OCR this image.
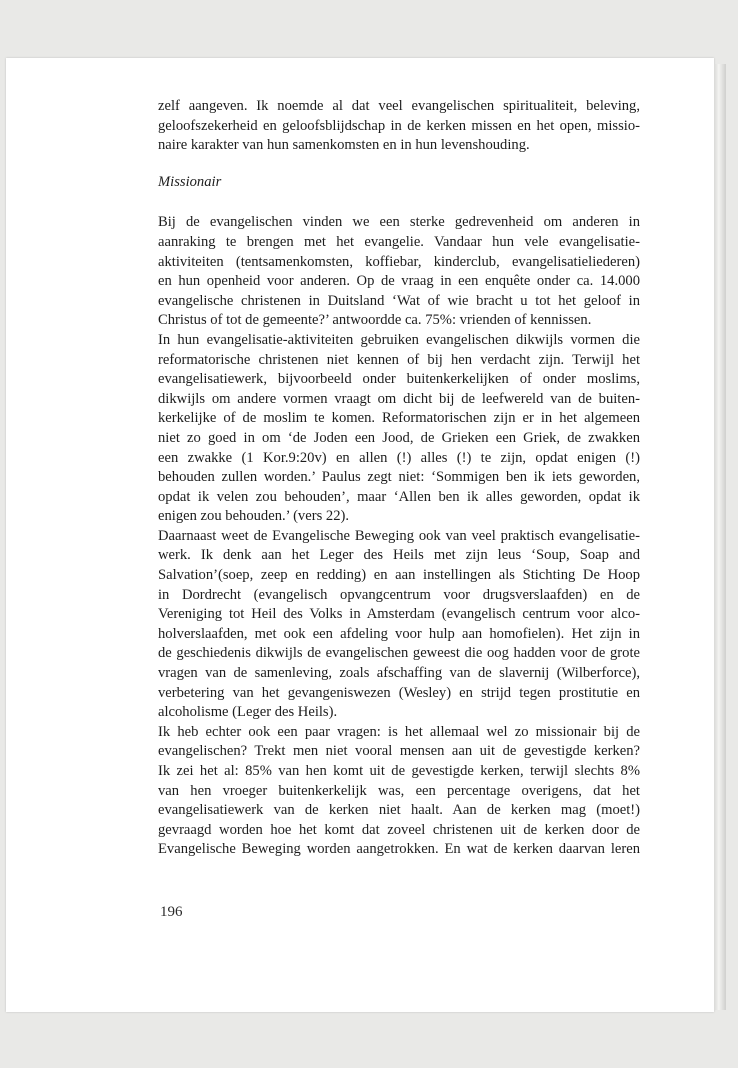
zelf aangeven. Ik noemde al dat veel evangelischen spiritualiteit, beleving,
geloofszekerheid en geloofsblijdschap in de kerken missen en het open, missio-
naire karakter van hun samenkomsten en in hun levenshouding.
Missionair
Bij de evangelischen vinden we een sterke gedrevenheid om anderen in
aanraking te brengen met het evangelie. Vandaar hun vele evangelisatie-
aktiviteiten (tentsamenkomsten, koffiebar, kinderclub, evangelisatieliederen)
en hun openheid voor anderen. Op de vraag in een enquête onder ca. 14.000
evangelische christenen in Duitsland ‘Wat of wie bracht u tot het geloof in
Christus of tot de gemeente?’ antwoordde ca. 75%: vrienden of kennissen.
In hun evangelisatie-aktiviteiten gebruiken evangelischen dikwijls vormen die
reformatorische christenen niet kennen of bij hen verdacht zijn. Terwijl het
evangelisatiewerk, bijvoorbeeld onder buitenkerkelijken of onder moslims,
dikwijls om andere vormen vraagt om dicht bij de leefwereld van de buiten-
kerkelijke of de moslim te komen. Reformatorischen zijn er in het algemeen
niet zo goed in om ‘de Joden een Jood, de Grieken een Griek, de zwakken
een zwakke (1 Kor.9:20v) en allen (!) alles (!) te zijn, opdat enigen (!)
behouden zullen worden.’ Paulus zegt niet: ‘Sommigen ben ik iets geworden,
opdat ik velen zou behouden’, maar ‘Allen ben ik alles geworden, opdat ik
enigen zou behouden.’ (vers 22).
Daarnaast weet de Evangelische Beweging ook van veel praktisch evangelisatie-
werk. Ik denk aan het Leger des Heils met zijn leus ‘Soup, Soap and
Salvation’(soep, zeep en redding) en aan instellingen als Stichting De Hoop
in Dordrecht (evangelisch opvangcentrum voor drugsverslaafden) en de
Vereniging tot Heil des Volks in Amsterdam (evangelisch centrum voor alco-
holverslaafden, met ook een afdeling voor hulp aan homofielen). Het zijn in
de geschiedenis dikwijls de evangelischen geweest die oog hadden voor de grote
vragen van de samenleving, zoals afschaffing van de slavernij (Wilberforce),
verbetering van het gevangeniswezen (Wesley) en strijd tegen prostitutie en
alcoholisme (Leger des Heils).
Ik heb echter ook een paar vragen: is het allemaal wel zo missionair bij de
evangelischen? Trekt men niet vooral mensen aan uit de gevestigde kerken?
Ik zei het al: 85% van hen komt uit de gevestigde kerken, terwijl slechts 8%
van hen vroeger buitenkerkelijk was, een percentage overigens, dat het
evangelisatiewerk van de kerken niet haalt. Aan de kerken mag (moet!)
gevraagd worden hoe het komt dat zoveel christenen uit de kerken door de
Evangelische Beweging worden aangetrokken. En wat de kerken daarvan leren
196
